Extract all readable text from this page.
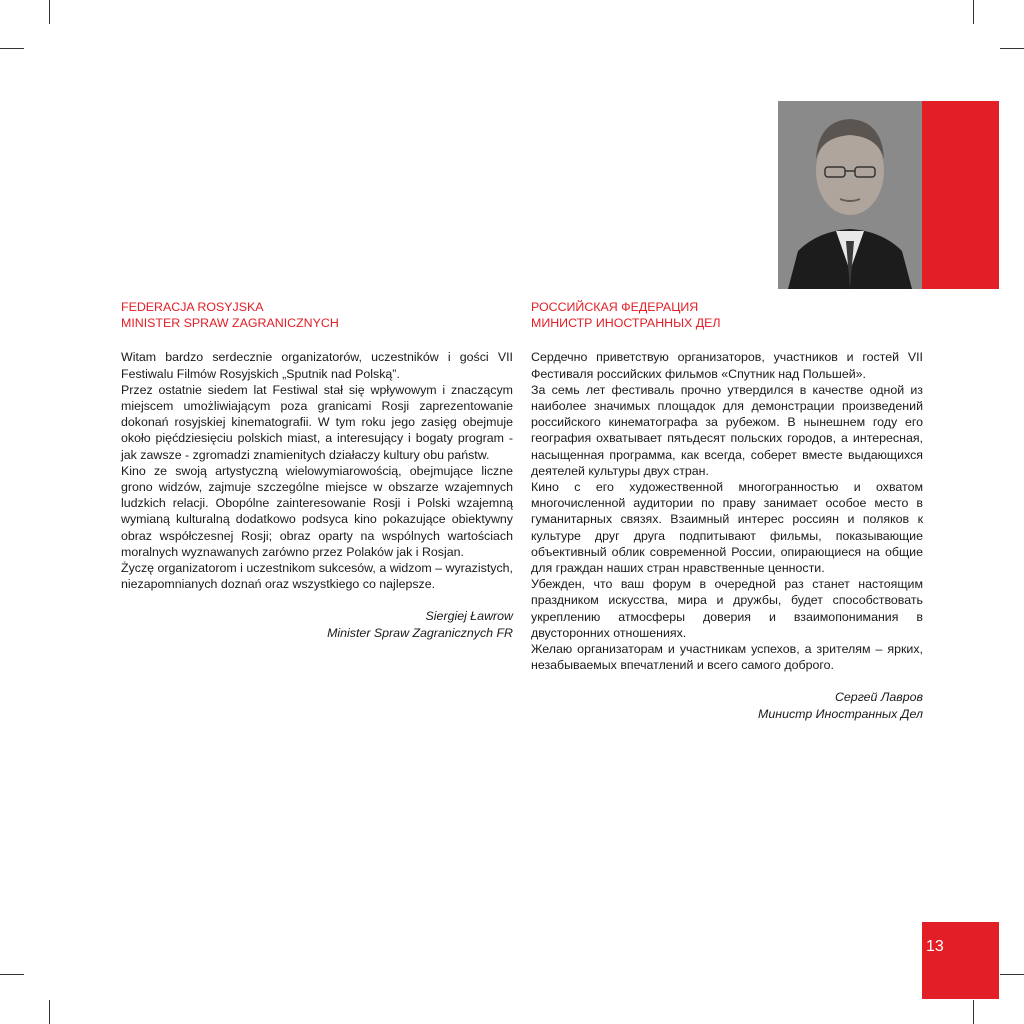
FEDERACJA ROSYJSKA
MINISTER SPRAW ZAGRANICZNYCH

Witam bardzo serdecznie organizatorów, uczestników i gości VII Festiwalu Filmów Rosyjskich „Sputnik nad Polską”.

Przez ostatnie siedem lat Festiwal stał się wpływowym i znaczącym miejscem umożliwiającym poza granicami Rosji zaprezentowanie dokonań rosyjskiej kinematografii. W tym roku jego zasięg obejmuje około pięćdziesięciu polskich miast, a interesujący i bogaty program - jak zawsze - zgromadzi znamienitych działaczy kultury obu państw.

Kino ze swoją artystyczną wielowymiarowością, obejmujące liczne grono widzów, zajmuje szczególne miejsce w obszarze wzajemnych ludzkich relacji. Obopólne zainteresowanie Rosji i Polski wzajemną wymianą kulturalną dodatkowo podsyca kino pokazujące obiektywny obraz współczesnej Rosji; obraz oparty na wspólnych wartościach moralnych wyznawanych zarówno przez Polaków jak i Rosjan.

Życzę organizatorom i uczestnikom sukcesów, a widzom – wyrazistych, niezapomnianych doznań oraz wszystkiego co najlepsze.

Siergiej Ławrow
Minister Spraw Zagranicznych FR
РОССИЙСКАЯ ФЕДЕРАЦИЯ
МИНИСТР ИНОСТРАННЫХ ДЕЛ

Сердечно приветствую организаторов, участников и гостей VII Фестиваля российских фильмов «Спутник над Польшей».

За семь лет фестиваль прочно утвердился в качестве одной из наиболее значимых площадок для демонстрации произведений российского кинематографа за рубежом. В нынешнем году его география охватывает пятьдесят польских городов, а интересная, насыщенная программа, как всегда, соберет вместе выдающихся деятелей культуры двух стран.

Кино с его художественной многогранностью и охватом многочисленной аудитории по праву занимает особое место в гуманитарных связях. Взаимный интерес россиян и поляков к культуре друг друга подпитывают фильмы, показывающие объективный облик современной России, опирающиеся на общие для граждан наших стран нравственные ценности.

Убежден, что ваш форум в очередной раз станет настоящим праздником искусства, мира и дружбы, будет способствовать укреплению атмосферы доверия и взаимопонимания в двусторонних отношениях.

Желаю организаторам и участникам успехов, а зрителям – ярких, незабываемых впечатлений и всего самого доброго.

Сергей Лавров
Министр Иностранных Дел
13
